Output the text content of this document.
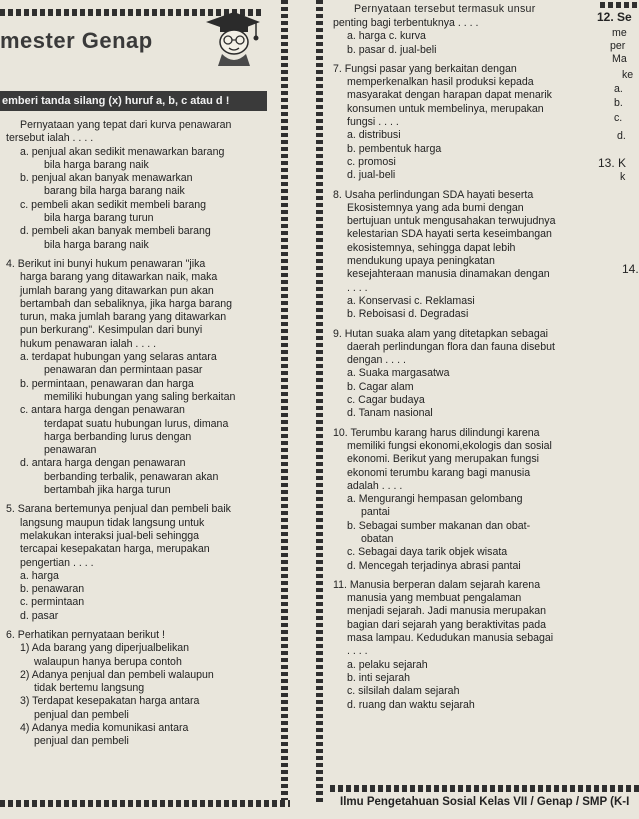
mester Genap
emberi tanda silang (x) huruf a, b, c atau d !

Pernyataan yang tepat dari kurva penawaran

tersebut ialah . . . .

a. penjual akan sedikit menawarkan barang

bila harga barang naik

b. penjual akan banyak menawarkan

barang bila harga barang naik

c. pembeli akan sedikit membeli barang

bila harga barang turun

d. pembeli akan banyak membeli barang

bila harga barang naik

4. Berikut ini bunyi hukum penawaran "jika

harga barang yang ditawarkan naik, maka

jumlah barang yang ditawarkan pun akan

bertambah dan sebaliknya, jika harga barang

turun, maka jumlah barang yang ditawarkan

pun berkurang". Kesimpulan dari bunyi

hukum penawaran ialah . . . .

a. terdapat hubungan yang selaras antara

penawaran dan permintaan pasar

b. permintaan, penawaran dan harga

memiliki hubungan yang saling berkaitan

c. antara harga dengan penawaran

terdapat suatu hubungan lurus, dimana

harga berbanding lurus dengan

penawaran

d. antara harga dengan penawaran

berbanding terbalik, penawaran akan

bertambah jika harga turun

5. Sarana bertemunya penjual dan pembeli baik

langsung maupun tidak langsung untuk

melakukan interaksi jual-beli sehingga

tercapai kesepakatan harga, merupakan

pengertian . . . .

a. harga

b. penawaran

c. permintaan

d. pasar

6. Perhatikan pernyataan berikut !

1) Ada barang yang diperjualbelikan

walaupun hanya berupa contoh

2) Adanya penjual dan pembeli walaupun

tidak bertemu langsung

3) Terdapat kesepakatan harga antara

penjual dan pembeli

4) Adanya media komunikasi antara

penjual dan pembeli

Pernyataan tersebut termasuk unsur

penting bagi terbentuknya . . . .

a. harga c. kurva

b. pasar d. jual-beli

7. Fungsi pasar yang berkaitan dengan

memperkenalkan hasil produksi kepada

masyarakat dengan harapan dapat menarik

konsumen untuk membelinya, merupakan

fungsi . . . .

a. distribusi

b. pembentuk harga

c. promosi

d. jual-beli

8. Usaha perlindungan SDA hayati beserta

Ekosistemnya yang ada bumi dengan

bertujuan untuk mengusahakan terwujudnya

kelestarian SDA hayati serta keseimbangan

ekosistemnya, sehingga dapat lebih

mendukung upaya peningkatan

kesejahteraan manusia dinamakan dengan

. . . .

a. Konservasi c. Reklamasi

b. Reboisasi d. Degradasi

9. Hutan suaka alam yang ditetapkan sebagai

daerah perlindungan flora dan fauna disebut

dengan . . . .

a. Suaka margasatwa

b. Cagar alam

c. Cagar budaya

d. Tanam nasional

10. Terumbu karang harus dilindungi karena

memiliki fungsi ekonomi,ekologis dan sosial

ekonomi. Berikut yang merupakan fungsi

ekonomi terumbu karang bagi manusia

adalah . . . .

a. Mengurangi hempasan gelombang

pantai

b. Sebagai sumber makanan dan obat-

obatan

c. Sebagai daya tarik objek wisata

d. Mencegah terjadinya abrasi pantai

11. Manusia berperan dalam sejarah karena

manusia yang membuat pengalaman

menjadi sejarah. Jadi manusia merupakan

bagian dari sejarah yang beraktivitas pada

masa lampau. Kedudukan manusia sebagai

. . . .

a. pelaku sejarah

b. inti sejarah

c. silsilah dalam sejarah

d. ruang dan waktu sejarah

12. Se
me
per
Ma
ke
a.
b.
c.
d.
13. K
k
14.
Ilmu Pengetahuan Sosial Kelas VII / Genap / SMP (K-I
